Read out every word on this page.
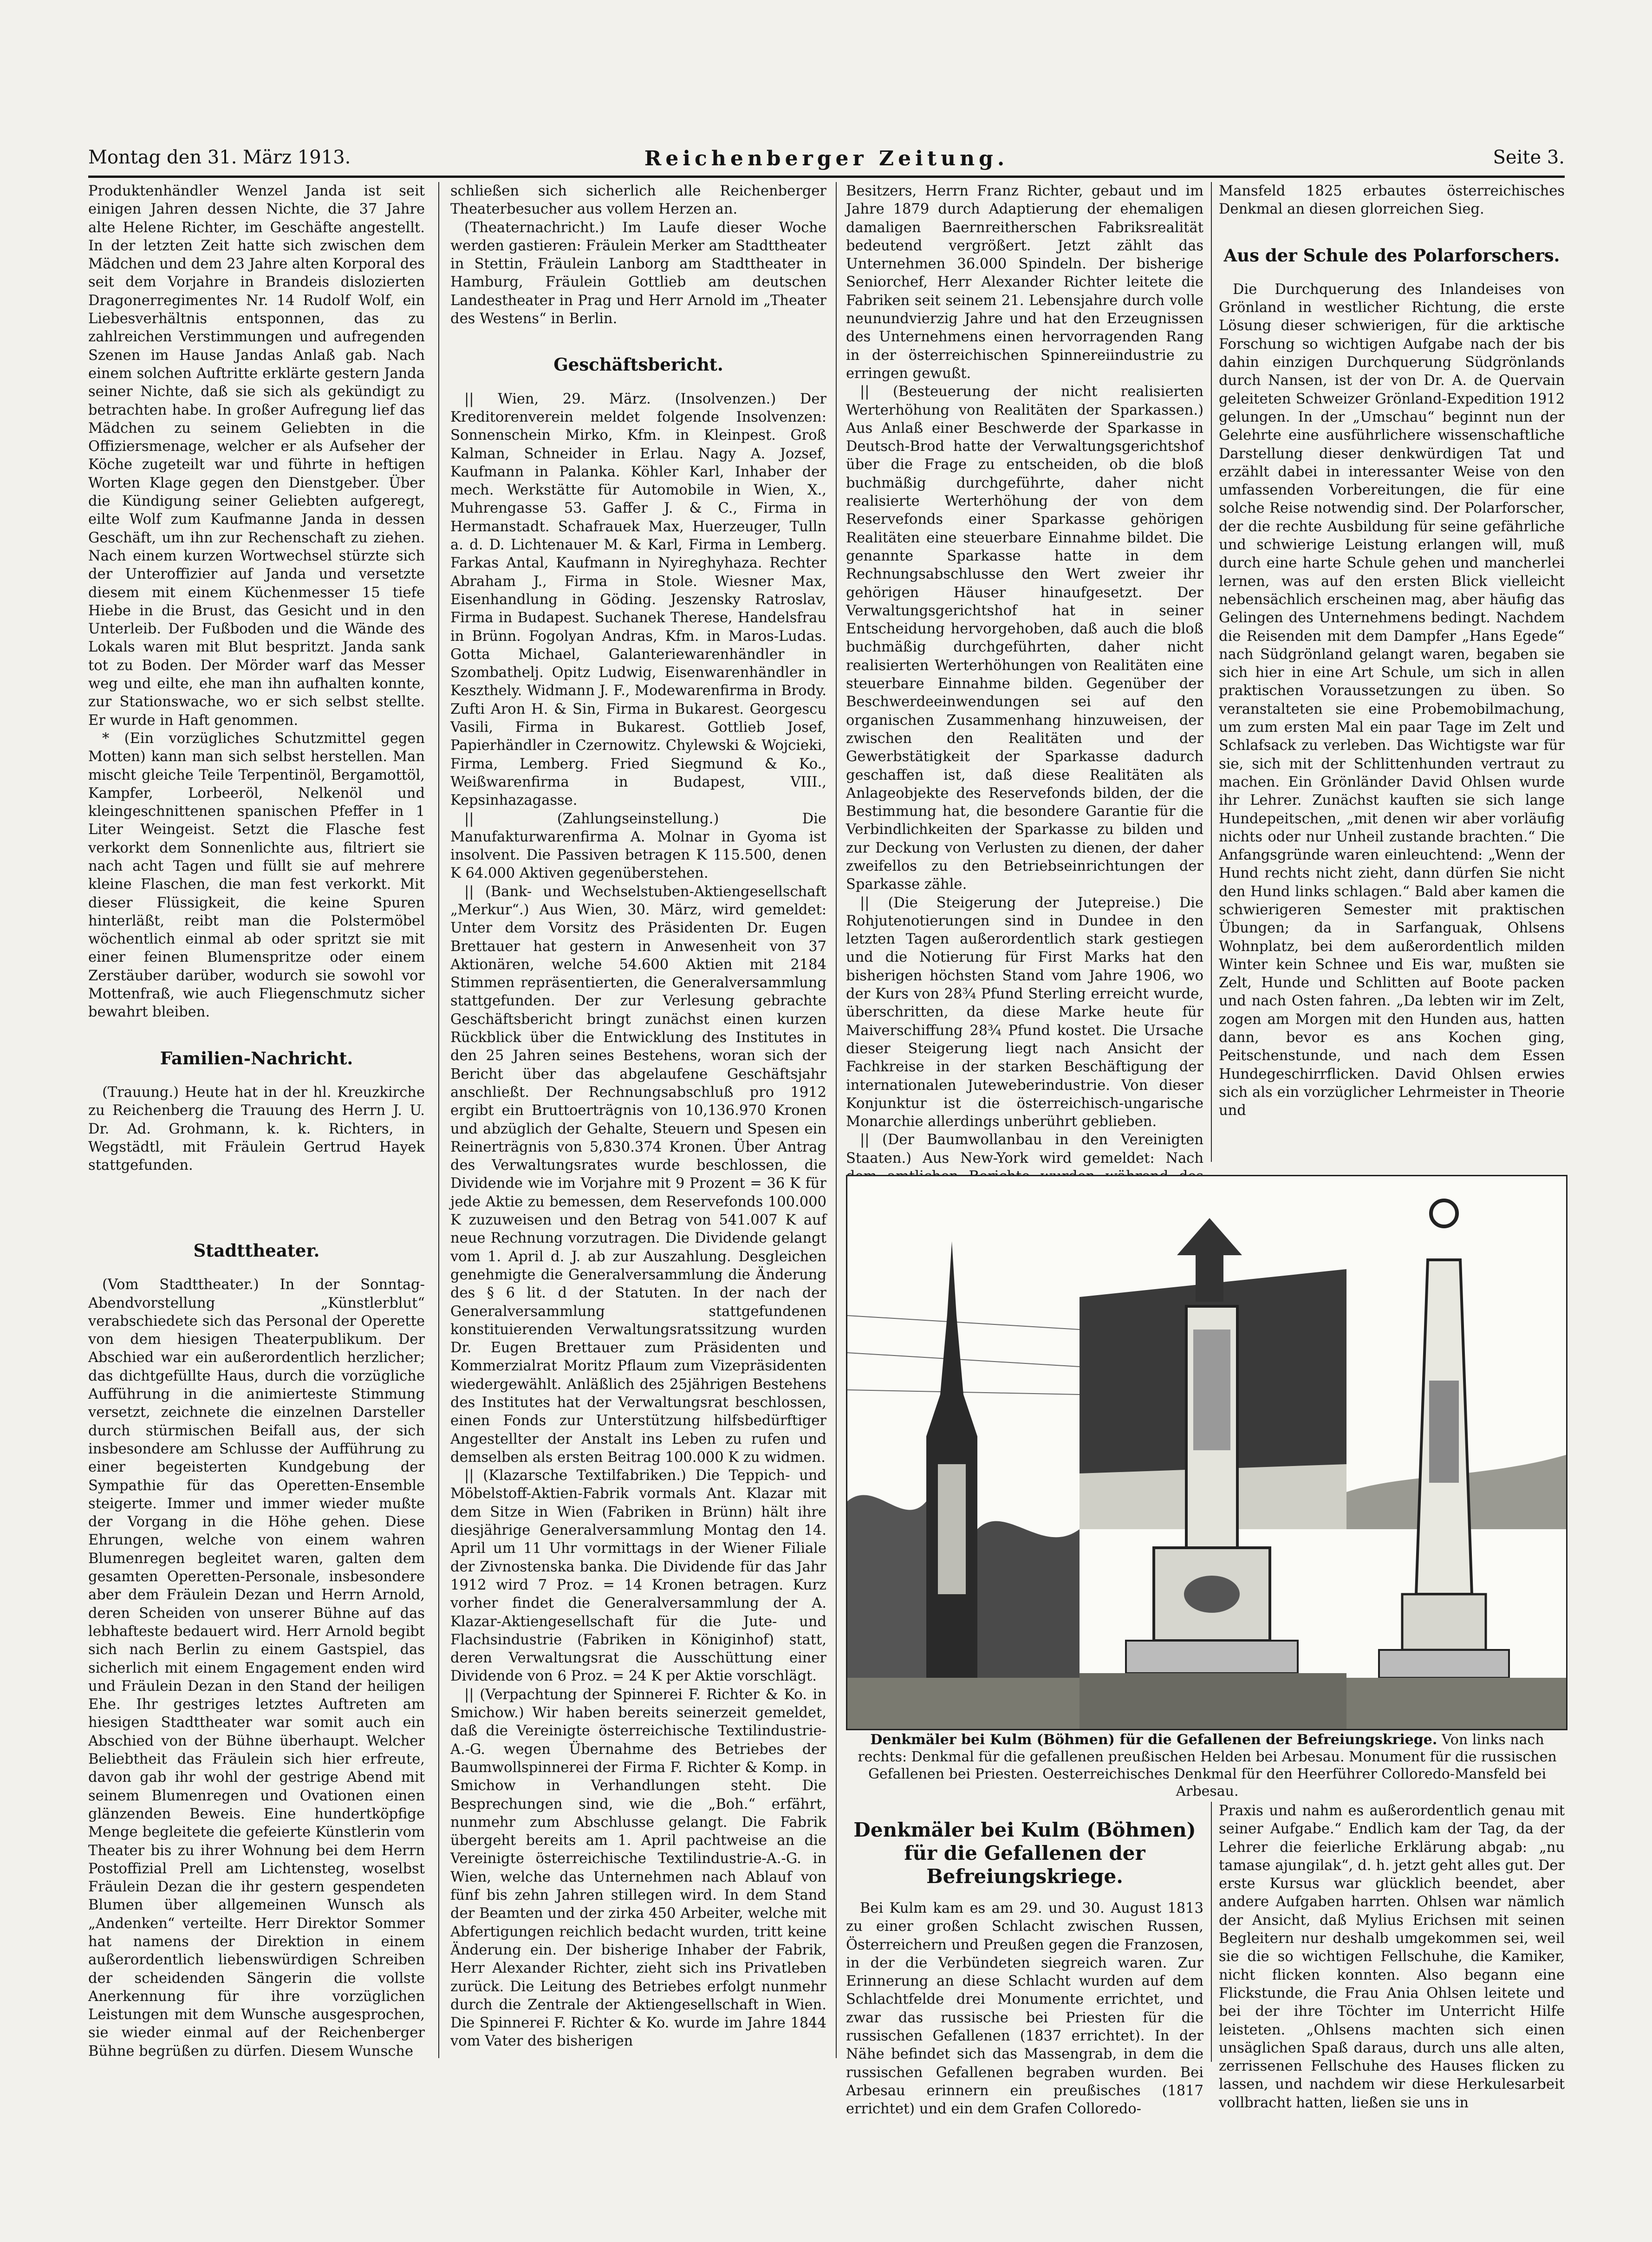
Montag den 31. März 1913.	Reichenberger Zeitung.	Seite 3.

Produktenhändler Wenzel Janda ist seit einigen Jahren dessen Nichte, die 37 Jahre alte Helene Richter, im Geschäfte angestellt. In der letzten Zeit hatte sich zwischen dem Mädchen und dem 23 Jahre alten Korporal des seit dem Vorjahre in Brandeis dislozierten Dragonerregimentes Nr. 14 Rudolf Wolf, ein Liebesverhältnis entsponnen, das zu zahlreichen Verstimmungen und aufregenden Szenen im Hause Jandas Anlaß gab. Nach einem solchen Auftritte erklärte gestern Janda seiner Nichte, daß sie sich als gekündigt zu betrachten habe. In großer Aufregung lief das Mädchen zu seinem Geliebten in die Offiziersmenage, welcher er als Aufseher der Köche zugeteilt war und führte in heftigen Worten Klage gegen den Dienstgeber. Über die Kündigung seiner Geliebten aufgeregt, eilte Wolf zum Kaufmanne Janda in dessen Geschäft, um ihn zur Rechenschaft zu ziehen. Nach einem kurzen Wortwechsel stürzte sich der Unteroffizier auf Janda und versetzte diesem mit einem Küchenmesser 15 tiefe Hiebe in die Brust, das Gesicht und in den Unterleib. Der Fußboden und die Wände des Lokals waren mit Blut bespritzt. Janda sank tot zu Boden. Der Mörder warf das Messer weg und eilte, ehe man ihn aufhalten konnte, zur Stationswache, wo er sich selbst stellte. Er wurde in Haft genommen.

* (Ein vorzügliches Schutzmittel gegen Motten) kann man sich selbst herstellen. Man mischt gleiche Teile Terpentinöl, Bergamottöl, Kampfer, Lorbeeröl, Nelkenöl und kleingeschnittenen spanischen Pfeffer in 1 Liter Weingeist. Setzt die Flasche fest verkorkt dem Sonnenlichte aus, filtriert sie nach acht Tagen und füllt sie auf mehrere kleine Flaschen, die man fest verkorkt. Mit dieser Flüssigkeit, die keine Spuren hinterläßt, reibt man die Polstermöbel wöchentlich einmal ab oder spritzt sie mit einer feinen Blumenspritze oder einem Zerstäuber darüber, wodurch sie sowohl vor Mottenfraß, wie auch Fliegenschmutz sicher bewahrt bleiben.

Familien-Nachricht.

(Trauung.) Heute hat in der hl. Kreuzkirche zu Reichenberg die Trauung des Herrn J. U. Dr. Ad. Grohmann, k. k. Richters, in Wegstädtl, mit Fräulein Gertrud Hayek stattgefunden.

Stadttheater.

(Vom Stadttheater.) In der Sonntag-Abendvorstellung „Künstlerblut“ verabschiedete sich das Personal der Operette von dem hiesigen Theaterpublikum. Der Abschied war ein außerordentlich herzlicher; das dichtgefüllte Haus, durch die vorzügliche Aufführung in die animierteste Stimmung versetzt, zeichnete die einzelnen Darsteller durch stürmischen Beifall aus, der sich insbesondere am Schlusse der Aufführung zu einer begeisterten Kundgebung der Sympathie für das Operetten-Ensemble steigerte. Immer und immer wieder mußte der Vorgang in die Höhe gehen. Diese Ehrungen, welche von einem wahren Blumenregen begleitet waren, galten dem gesamten Operetten-Personale, insbesondere aber dem Fräulein Dezan und Herrn Arnold, deren Scheiden von unserer Bühne auf das lebhafteste bedauert wird. Herr Arnold begibt sich nach Berlin zu einem Gastspiel, das sicherlich mit einem Engagement enden wird und Fräulein Dezan in den Stand der heiligen Ehe. Ihr gestriges letztes Auftreten am hiesigen Stadttheater war somit auch ein Abschied von der Bühne überhaupt. Welcher Beliebtheit das Fräulein sich hier erfreute, davon gab ihr wohl der gestrige Abend mit seinem Blumenregen und Ovationen einen glänzenden Beweis. Eine hundertköpfige Menge begleitete die gefeierte Künstlerin vom Theater bis zu ihrer Wohnung bei dem Herrn Postoffizial Prell am Lichtensteg, woselbst Fräulein Dezan die ihr gestern gespendeten Blumen über allgemeinen Wunsch als „Andenken“ verteilte. Herr Direktor Sommer hat namens der Direktion in einem außerordentlich liebenswürdigen Schreiben der scheidenden Sängerin die vollste Anerkennung für ihre vorzüglichen Leistungen mit dem Wunsche ausgesprochen, sie wieder einmal auf der Reichenberger Bühne begrüßen zu dürfen. Diesem Wunsche

schließen sich sicherlich alle Reichenberger Theaterbesucher aus vollem Herzen an.

(Theaternachricht.) Im Laufe dieser Woche werden gastieren: Fräulein Merker am Stadttheater in Stettin, Fräulein Lanborg am Stadttheater in Hamburg, Fräulein Gottlieb am deutschen Landestheater in Prag und Herr Arnold im „Theater des Westens“ in Berlin.

Geschäftsbericht.

|| Wien, 29. März. (Insolvenzen.) Der Kreditorenverein meldet folgende Insolvenzen: Sonnenschein Mirko, Kfm. in Kleinpest. Groß Kalman, Schneider in Erlau. Nagy A. Jozsef, Kaufmann in Palanka. Köhler Karl, Inhaber der mech. Werkstätte für Automobile in Wien, X., Muhrengasse 53. Gaffer J. & C., Firma in Hermanstadt. Schafrauek Max, Huerzeuger, Tulln a. d. D. Lichtenauer M. & Karl, Firma in Lemberg. Farkas Antal, Kaufmann in Nyireghyhaza. Rechter Abraham J., Firma in Stole. Wiesner Max, Eisenhandlung in Göding. Jeszensky Ratroslav, Firma in Budapest. Suchanek Therese, Handelsfrau in Brünn. Fogolyan Andras, Kfm. in Maros-Ludas. Gotta Michael, Galanteriewarenhändler in Szombathelj. Opitz Ludwig, Eisenwarenhändler in Keszthely. Widmann J. F., Modewarenfirma in Brody. Zufti Aron H. & Sin, Firma in Bukarest. Georgescu Vasili, Firma in Bukarest. Gottlieb Josef, Papierhändler in Czernowitz. Chylewski & Wojcieki, Firma, Lemberg. Fried Siegmund & Ko., Weißwarenfirma in Budapest, VIII., Kepsinhazagasse.

|| (Zahlungseinstellung.) Die Manufakturwarenfirma A. Molnar in Gyoma ist insolvent. Die Passiven betragen K 115.500, denen K 64.000 Aktiven gegenüberstehen.

|| (Bank- und Wechselstuben-Aktiengesellschaft „Merkur“.) Aus Wien, 30. März, wird gemeldet: Unter dem Vorsitz des Präsidenten Dr. Eugen Brettauer hat gestern in Anwesenheit von 37 Aktionären, welche 54.600 Aktien mit 2184 Stimmen repräsentierten, die Generalversammlung stattgefunden. Der zur Verlesung gebrachte Geschäftsbericht bringt zunächst einen kurzen Rückblick über die Entwicklung des Institutes in den 25 Jahren seines Bestehens, woran sich der Bericht über das abgelaufene Geschäftsjahr anschließt. Der Rechnungsabschluß pro 1912 ergibt ein Bruttoerträgnis von 10,136.970 Kronen und abzüglich der Gehalte, Steuern und Spesen ein Reinerträgnis von 5,830.374 Kronen. Über Antrag des Verwaltungsrates wurde beschlossen, die Dividende wie im Vorjahre mit 9 Prozent = 36 K für jede Aktie zu bemessen, dem Reservefonds 100.000 K zuzuweisen und den Betrag von 541.007 K auf neue Rechnung vorzutragen. Die Dividende gelangt vom 1. April d. J. ab zur Auszahlung. Desgleichen genehmigte die Generalversammlung die Änderung des § 6 lit. d der Statuten. In der nach der Generalversammlung stattgefundenen konstituierenden Verwaltungsratssitzung wurden Dr. Eugen Brettauer zum Präsidenten und Kommerzialrat Moritz Pflaum zum Vizepräsidenten wiedergewählt. Anläßlich des 25jährigen Bestehens des Institutes hat der Verwaltungsrat beschlossen, einen Fonds zur Unterstützung hilfsbedürftiger Angestellter der Anstalt ins Leben zu rufen und demselben als ersten Beitrag 100.000 K zu widmen.

|| (Klazarsche Textilfabriken.) Die Teppich- und Möbelstoff-Aktien-Fabrik vormals Ant. Klazar mit dem Sitze in Wien (Fabriken in Brünn) hält ihre diesjährige Generalversammlung Montag den 14. April um 11 Uhr vormittags in der Wiener Filiale der Zivnostenska banka. Die Dividende für das Jahr 1912 wird 7 Proz. = 14 Kronen betragen. Kurz vorher findet die Generalversammlung der A. Klazar-Aktiengesellschaft für die Jute- und Flachsindustrie (Fabriken in Königinhof) statt, deren Verwaltungsrat die Ausschüttung einer Dividende von 6 Proz. = 24 K per Aktie vorschlägt.

|| (Verpachtung der Spinnerei F. Richter & Ko. in Smichow.) Wir haben bereits seinerzeit gemeldet, daß die Vereinigte österreichische Textilindustrie-A.-G. wegen Übernahme des Betriebes der Baumwollspinnerei der Firma F. Richter & Komp. in Smichow in Verhandlungen steht. Die Besprechungen sind, wie die „Boh.“ erfährt, nunmehr zum Abschlusse gelangt. Die Fabrik übergeht bereits am 1. April pachtweise an die Vereinigte österreichische Textilindustrie-A.-G. in Wien, welche das Unternehmen nach Ablauf von fünf bis zehn Jahren stillegen wird. In dem Stand der Beamten und der zirka 450 Arbeiter, welche mit Abfertigungen reichlich bedacht wurden, tritt keine Änderung ein. Der bisherige Inhaber der Fabrik, Herr Alexander Richter, zieht sich ins Privatleben zurück. Die Leitung des Betriebes erfolgt nunmehr durch die Zentrale der Aktiengesellschaft in Wien. Die Spinnerei F. Richter & Ko. wurde im Jahre 1844 vom Vater des bisherigen

Besitzers, Herrn Franz Richter, gebaut und im Jahre 1879 durch Adaptierung der ehemaligen damaligen Baernreitherschen Fabriksrealität bedeutend vergrößert. Jetzt zählt das Unternehmen 36.000 Spindeln. Der bisherige Seniorchef, Herr Alexander Richter leitete die Fabriken seit seinem 21. Lebensjahre durch volle neunundvierzig Jahre und hat den Erzeugnissen des Unternehmens einen hervorragenden Rang in der österreichischen Spinnereiindustrie zu erringen gewußt.

|| (Besteuerung der nicht realisierten Werterhöhung von Realitäten der Sparkassen.) Aus Anlaß einer Beschwerde der Sparkasse in Deutsch-Brod hatte der Verwaltungsgerichtshof über die Frage zu entscheiden, ob die bloß buchmäßig durchgeführte, daher nicht realisierte Werterhöhung der von dem Reservefonds einer Sparkasse gehörigen Realitäten eine steuerbare Einnahme bildet. Die genannte Sparkasse hatte in dem Rechnungsabschlusse den Wert zweier ihr gehörigen Häuser hinaufgesetzt. Der Verwaltungsgerichtshof hat in seiner Entscheidung hervorgehoben, daß auch die bloß buchmäßig durchgeführten, daher nicht realisierten Werterhöhungen von Realitäten eine steuerbare Einnahme bilden. Gegenüber der Beschwerdeeinwendungen sei auf den organischen Zusammenhang hinzuweisen, der zwischen den Realitäten und der Gewerbstätigkeit der Sparkasse dadurch geschaffen ist, daß diese Realitäten als Anlageobjekte des Reservefonds bilden, der die Bestimmung hat, die besondere Garantie für die Verbindlichkeiten der Sparkasse zu bilden und zur Deckung von Verlusten zu dienen, der daher zweifellos zu den Betriebseinrichtungen der Sparkasse zähle.

|| (Die Steigerung der Jutepreise.) Die Rohjutenotierungen sind in Dundee in den letzten Tagen außerordentlich stark gestiegen und die Notierung für First Marks hat den bisherigen höchsten Stand vom Jahre 1906, wo der Kurs von 28¾ Pfund Sterling erreicht wurde, überschritten, da diese Marke heute für Maiverschiffung 28¾ Pfund kostet. Die Ursache dieser Steigerung liegt nach Ansicht der Fachkreise in der starken Beschäftigung der internationalen Juteweberindustrie. Von dieser Konjunktur ist die österreichisch-ungarische Monarchie allerdings unberührt geblieben.

|| (Der Baumwollanbau in den Vereinigten Staaten.) Aus New-York wird gemeldet: Nach

Mansfeld 1825 erbautes österreichisches Denkmal an diesen glorreichen Sieg.

Aus der Schule des Polarforschers.

Die Durchquerung des Inlandeises von Grönland in westlicher Richtung, die erste Lösung dieser schwierigen, für die arktische Forschung so wichtigen Aufgabe nach der bis dahin einzigen Durchquerung Südgrönlands durch Nansen, ist der von Dr. A. de Quervain geleiteten Schweizer Grönland-Expedition 1912 gelungen. In der „Umschau“ beginnt nun der Gelehrte eine ausführlichere wissenschaftliche Darstellung dieser denkwürdigen Tat und erzählt dabei in interessanter Weise von den umfassenden Vorbereitungen, die für eine solche Reise notwendig sind. Der Polarforscher, der die rechte Ausbildung für seine gefährliche und schwierige Leistung erlangen will, muß durch eine harte Schule gehen und mancherlei lernen, was auf den ersten Blick vielleicht nebensächlich erscheinen mag, aber häufig das Gelingen des Unternehmens bedingt. Nachdem die Reisenden mit dem Dampfer „Hans Egede“ nach Südgrönland gelangt waren, begaben sie sich hier in eine Art Schule, um sich in allen praktischen Voraussetzungen zu üben. So veranstalteten sie eine Probemobilmachung, um zum ersten Mal ein paar Tage im Zelt und Schlafsack zu verleben. Das Wichtigste war für sie, sich mit der Schlittenhunden vertraut zu machen. Ein Grönländer David Ohlsen wurde ihr Lehrer. Zunächst kauften sie sich lange Hundepeitschen, „mit denen wir aber vorläufig nichts oder nur Unheil zustande brachten.“ Die Anfangsgründe waren einleuchtend: „Wenn der Hund rechts nicht zieht, dann dürfen Sie nicht den Hund links schlagen.“ Bald aber kamen die schwierigeren Semester mit praktischen Übungen; da in Sarfanguak, Ohlsens Wohnplatz, bei dem außerordentlich milden Winter kein Schnee und Eis war, mußten sie Zelt, Hunde und Schlitten auf Boote packen und nach Osten fahren. „Da lebten wir im Zelt, zogen am Morgen mit den Hunden aus, hatten dann, bevor es ans Kochen ging, Peitschenstunde, und nach dem Essen Hundegeschirrflicken. David Ohlsen erwies sich als ein vorzüglicher Lehrmeister in Theorie und

Denkmäler bei Kulm (Böhmen) für die Gefallenen der Befreiungskriege. Von links nach rechts: Denkmal für die gefallenen preußischen Helden bei Arbesau. Monument für die russischen Gefallenen bei Priesten. Oesterreichisches Denkmal für den Heerführer Colloredo-Mansfeld bei Arbesau.

Denkmäler bei Kulm (Böhmen) für die Gefallenen der Befreiungskriege.

Bei Kulm kam es am 29. und 30. August 1813 zu einer großen Schlacht zwischen Russen, Österreichern und Preußen gegen die Franzosen, in der die Verbündeten siegreich waren. Zur Erinnerung an diese Schlacht wurden auf dem Schlachtfelde drei Monumente errichtet, und zwar das russische bei Priesten für die russischen Gefallenen (1837 errichtet). In der Nähe befindet sich das Massengrab, in dem die russischen Gefallenen begraben wurden. Bei Arbesau erinnern ein preußisches (1817 errichtet) und ein dem Grafen Colloredo-

Praxis und nahm es außerordentlich genau mit seiner Aufgabe.“ Endlich kam der Tag, da der Lehrer die feierliche Erklärung abgab: „nu tamase ajungilak“, d. h. jetzt geht alles gut. Der erste Kursus war glücklich beendet, aber andere Aufgaben harrten. Ohlsen war nämlich der Ansicht, daß Mylius Erichsen mit seinen Begleitern nur deshalb umgekommen sei, weil sie die so wichtigen Fellschuhe, die Kamiker, nicht flicken konnten. Also begann eine Flickstunde, die Frau Ania Ohlsen leitete und bei der ihre Töchter im Unterricht Hilfe leisteten. „Ohlsens machten sich einen unsäglichen Spaß daraus, durch uns alle alten, zerrissenen Fellschuhe des Hauses flicken zu lassen, und nachdem wir diese Herkulesarbeit vollbracht hatten, ließen sie uns in
